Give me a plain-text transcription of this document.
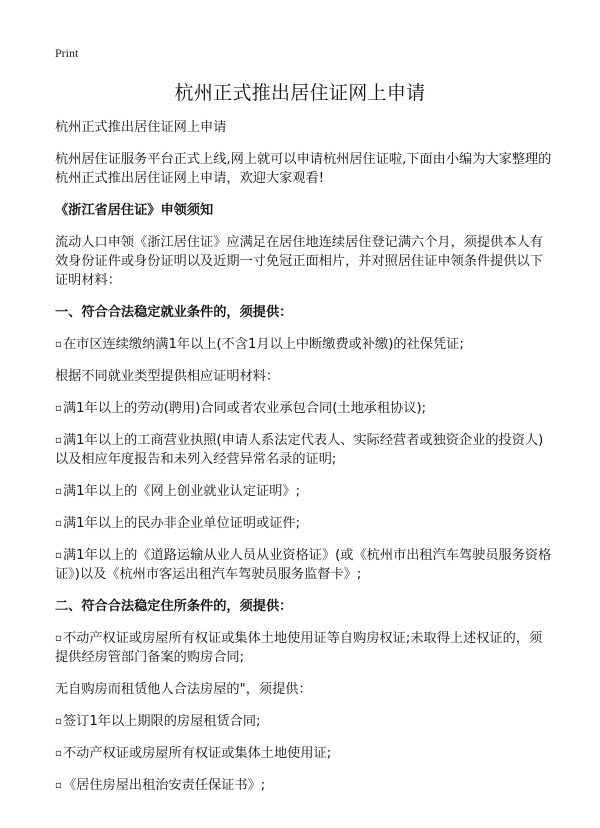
Print
杭州正式推出居住证网上申请

杭州正式推出居住证网上申请

杭州居住证服务平台正式上线,网上就可以申请杭州居住证啦,下面由小编为大家整理的杭州正式推出居住证网上申请，欢迎大家观看!

《浙江省居住证》申领须知

流动人口申领《浙江居住证》应满足在居住地连续居住登记满六个月，须提供本人有效身份证件或身份证明以及近期一寸免冠正面相片，并对照居住证申领条件提供以下证明材料：

一、符合合法稳定就业条件的，须提供：

▫在市区连续缴纳满1年以上(不含1月以上中断缴费或补缴)的社保凭证;

根据不同就业类型提供相应证明材料：

▫满1年以上的劳动(聘用)合同或者农业承包合同(土地承租协议);

▫满1年以上的工商营业执照(申请人系法定代表人、实际经营者或独资企业的投资人)以及相应年度报告和未列入经营异常名录的证明;

▫满1年以上的《网上创业就业认定证明》;

▫满1年以上的民办非企业单位证明或证件;

▫满1年以上的《道路运输从业人员从业资格证》(或《杭州市出租汽车驾驶员服务资格证》)以及《杭州市客运出租汽车驾驶员服务监督卡》;

二、符合合法稳定住所条件的，须提供：

▫不动产权证或房屋所有权证或集体土地使用证等自购房权证;未取得上述权证的，须提供经房管部门备案的购房合同;

无自购房而租赁他人合法房屋的"，须提供：

▫签订1年以上期限的房屋租赁合同;

▫不动产权证或房屋所有权证或集体土地使用证;

▫《居住房屋出租治安责任保证书》;
